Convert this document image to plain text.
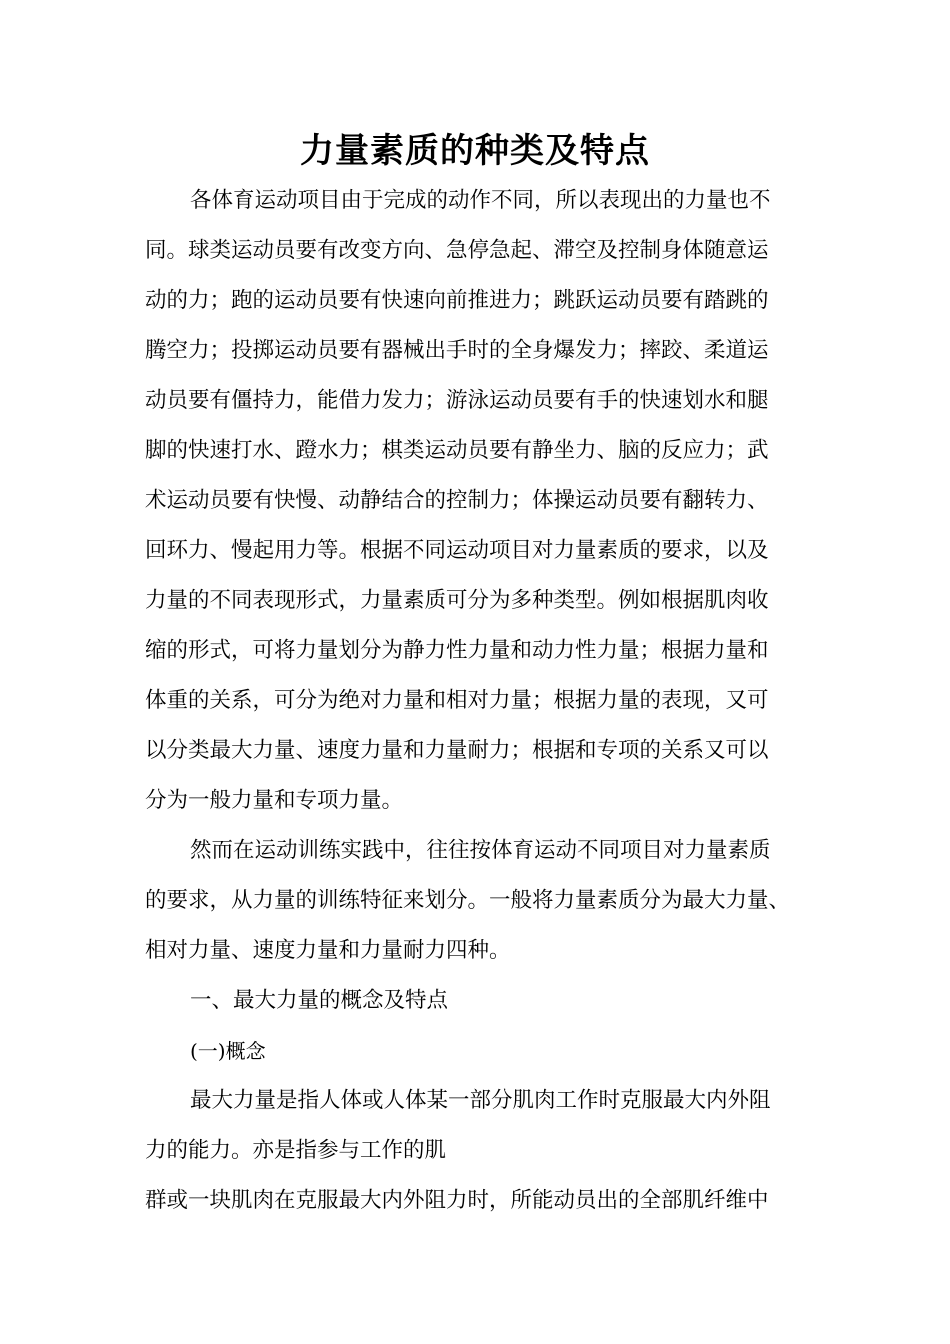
力量素质的种类及特点
各体育运动项目由于完成的动作不同，所以表现出的力量也不
同。球类运动员要有改变方向、急停急起、滞空及控制身体随意运
动的力；跑的运动员要有快速向前推进力；跳跃运动员要有踏跳的
腾空力；投掷运动员要有器械出手时的全身爆发力；摔跤、柔道运
动员要有僵持力，能借力发力；游泳运动员要有手的快速划水和腿
脚的快速打水、蹬水力；棋类运动员要有静坐力、脑的反应力；武
术运动员要有快慢、动静结合的控制力；体操运动员要有翻转力、
回环力、慢起用力等。根据不同运动项目对力量素质的要求，以及
力量的不同表现形式，力量素质可分为多种类型。例如根据肌肉收
缩的形式，可将力量划分为静力性力量和动力性力量；根据力量和
体重的关系，可分为绝对力量和相对力量；根据力量的表现，又可
以分类最大力量、速度力量和力量耐力；根据和专项的关系又可以
分为一般力量和专项力量。
然而在运动训练实践中，往往按体育运动不同项目对力量素质
的要求，从力量的训练特征来划分。一般将力量素质分为最大力量、
相对力量、速度力量和力量耐力四种。
一、最大力量的概念及特点
(一)概念
最大力量是指人体或人体某一部分肌肉工作时克服最大内外阻
力的能力。亦是指参与工作的肌
群或一块肌肉在克服最大内外阻力时，所能动员出的全部肌纤维中
